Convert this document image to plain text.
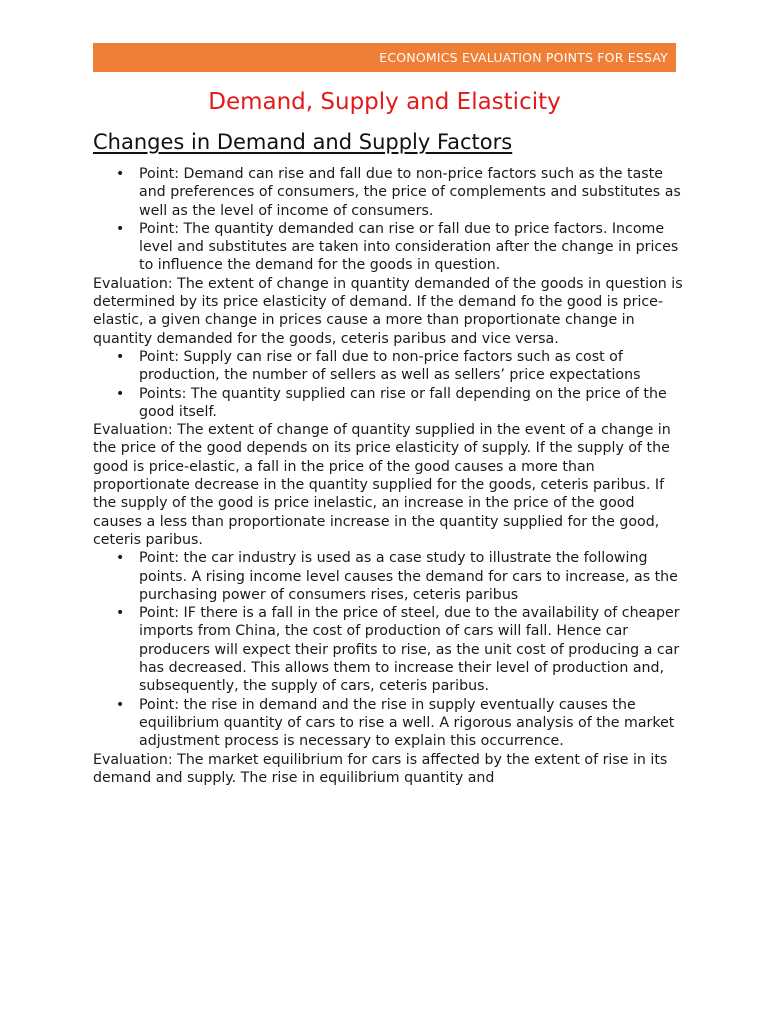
ECONOMICS EVALUATION POINTS FOR ESSAY
Demand, Supply and Elasticity
Changes in Demand and Supply Factors
• Point: Demand can rise and fall due to non-price factors such as the taste and preferences of consumers, the price of complements and substitutes as well as the level of income of consumers.
• Point: The quantity demanded can rise or fall due to price factors. Income level and substitutes are taken into consideration after the change in prices to influence the demand for the goods in question.

Evaluation: The extent of change in quantity demanded of the goods in question is determined by its price elasticity of demand. If the demand fo the good is price-elastic, a given change in prices cause a more than proportionate change in quantity demanded for the goods, ceteris paribus and vice versa.

• Point: Supply can rise or fall due to non-price factors such as cost of production, the number of sellers as well as sellers’ price expectations
• Points: The quantity supplied can rise or fall depending on the price of the good itself.

Evaluation: The extent of change of quantity supplied in the event of a change in the price of the good depends on its price elasticity of supply. If the supply of the good is price-elastic, a fall in the price of the good causes a more than proportionate decrease in the quantity supplied for the goods, ceteris paribus. If the supply of the good is price inelastic, an increase in the price of the good causes a less than proportionate increase in the quantity supplied for the good, ceteris paribus.

• Point: the car industry is used as a case study to illustrate the following points. A rising income level causes the demand for cars to increase, as the purchasing power of consumers rises, ceteris paribus
• Point: IF there is a fall in the price of steel, due to the availability of cheaper imports from China, the cost of production of cars will fall. Hence car producers will expect their profits to rise, as the unit cost of producing a car has decreased. This allows them to increase their level of production and, subsequently, the supply of cars, ceteris paribus.
• Point: the rise in demand and the rise in supply eventually causes the equilibrium quantity of cars to rise a well. A rigorous analysis of the market adjustment process is necessary to explain this occurrence.

Evaluation: The market equilibrium for cars is affected by the extent of rise in its demand and supply. The rise in equilibrium quantity and
